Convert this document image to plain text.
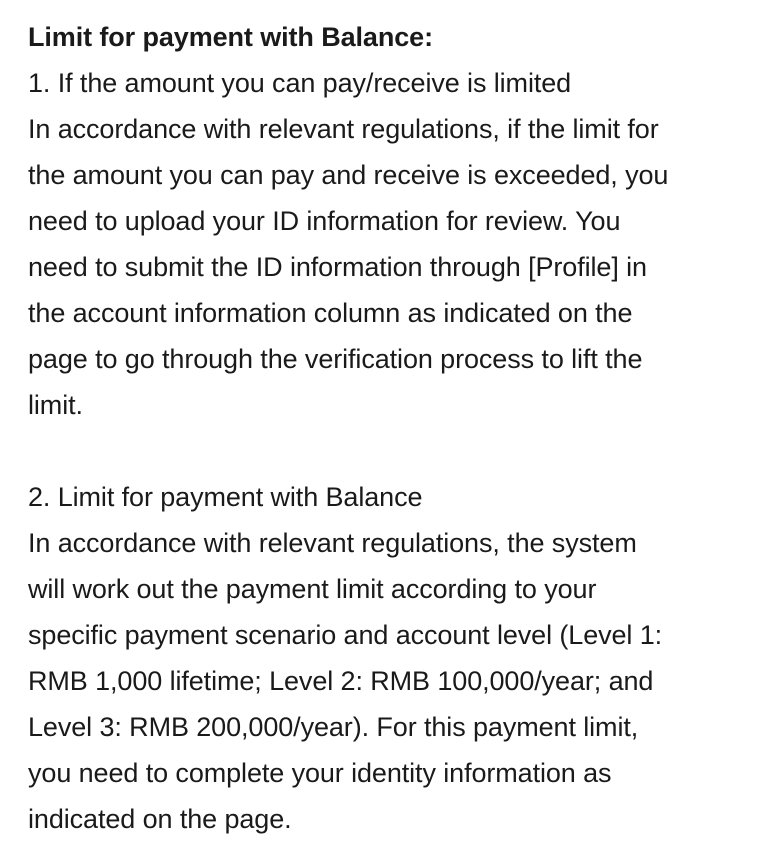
Limit for payment with Balance:
1. If the amount you can pay/receive is limited
In accordance with relevant regulations, if the limit for
the amount you can pay and receive is exceeded, you
need to upload your ID information for review. You
need to submit the ID information through [Profile] in
the account information column as indicated on the
page to go through the verification process to lift the
limit.
2. Limit for payment with Balance
In accordance with relevant regulations, the system
will work out the payment limit according to your
specific payment scenario and account level (Level 1:
RMB 1,000 lifetime; Level 2: RMB 100,000/year; and
Level 3: RMB 200,000/year). For this payment limit,
you need to complete your identity information as
indicated on the page.
